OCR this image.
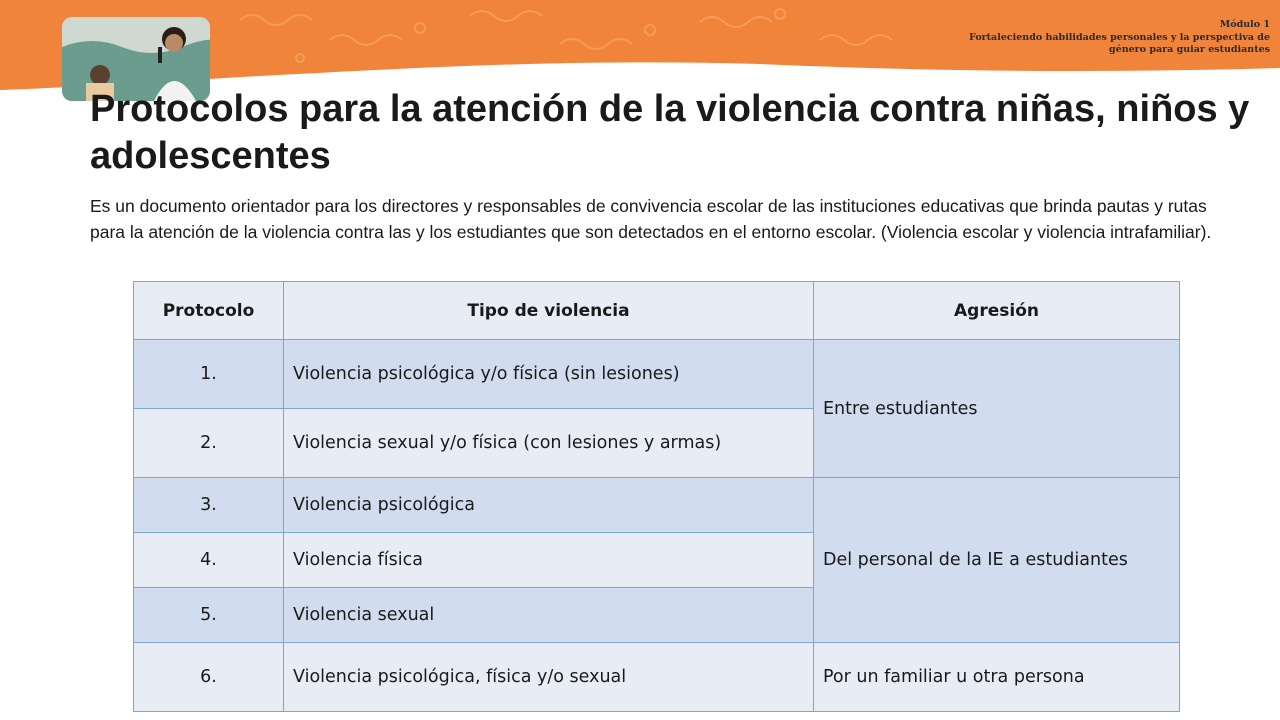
Módulo 1
Fortaleciendo habilidades personales y la perspectiva de
género para guiar estudiantes
Protocolos para la atención de la violencia contra niñas, niños y adolescentes

Es un documento orientador para los directores y responsables de convivencia escolar de las instituciones educativas que brinda pautas y rutas para la atención de la violencia contra las y los estudiantes que son detectados en el entorno escolar. (Violencia escolar y violencia intrafamiliar).

Protocolo	Tipo de violencia	Agresión
1.	Violencia psicológica y/o física (sin lesiones)	Entre estudiantes
2.	Violencia sexual y/o física (con lesiones y armas)	
3.	Violencia psicológica	Del personal de la IE a estudiantes
4.	Violencia física	
5.	Violencia sexual	
6.	Violencia psicológica, física y/o sexual	Por un familiar u otra persona
